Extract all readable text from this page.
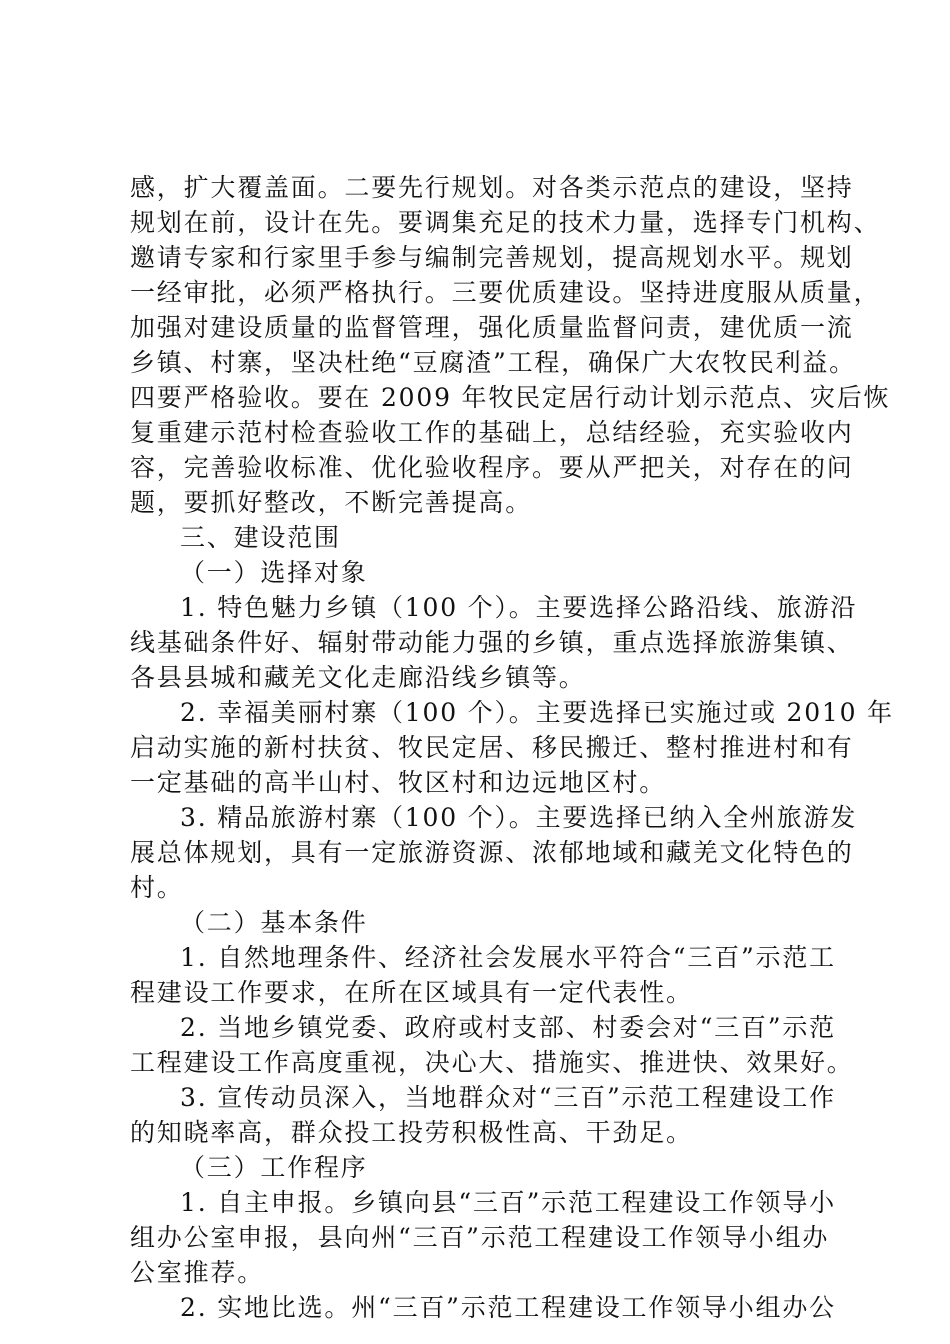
感，扩大覆盖面。二要先行规划。对各类示范点的建设，坚持
规划在前，设计在先。要调集充足的技术力量，选择专门机构、
邀请专家和行家里手参与编制完善规划，提高规划水平。规划
一经审批，必须严格执行。三要优质建设。坚持进度服从质量，
加强对建设质量的监督管理，强化质量监督问责，建优质一流
乡镇、村寨，坚决杜绝“豆腐渣”工程，确保广大农牧民利益。
四要严格验收。要在 2009 年牧民定居行动计划示范点、灾后恢
复重建示范村检查验收工作的基础上，总结经验，充实验收内
容，完善验收标准、优化验收程序。要从严把关，对存在的问
题，要抓好整改，不断完善提高。
三、建设范围
（一）选择对象
1. 特色魅力乡镇（100 个）。主要选择公路沿线、旅游沿
线基础条件好、辐射带动能力强的乡镇，重点选择旅游集镇、
各县县城和藏羌文化走廊沿线乡镇等。
2. 幸福美丽村寨（100 个）。主要选择已实施过或 2010 年
启动实施的新村扶贫、牧民定居、移民搬迁、整村推进村和有
一定基础的高半山村、牧区村和边远地区村。
3. 精品旅游村寨（100 个）。主要选择已纳入全州旅游发
展总体规划，具有一定旅游资源、浓郁地域和藏羌文化特色的
村。
（二）基本条件
1. 自然地理条件、经济社会发展水平符合“三百”示范工
程建设工作要求，在所在区域具有一定代表性。
2. 当地乡镇党委、政府或村支部、村委会对“三百”示范
工程建设工作高度重视，决心大、措施实、推进快、效果好。
3. 宣传动员深入，当地群众对“三百”示范工程建设工作
的知晓率高，群众投工投劳积极性高、干劲足。
（三）工作程序
1. 自主申报。乡镇向县“三百”示范工程建设工作领导小
组办公室申报，县向州“三百”示范工程建设工作领导小组办
公室推荐。
2. 实地比选。州“三百”示范工程建设工作领导小组办公
